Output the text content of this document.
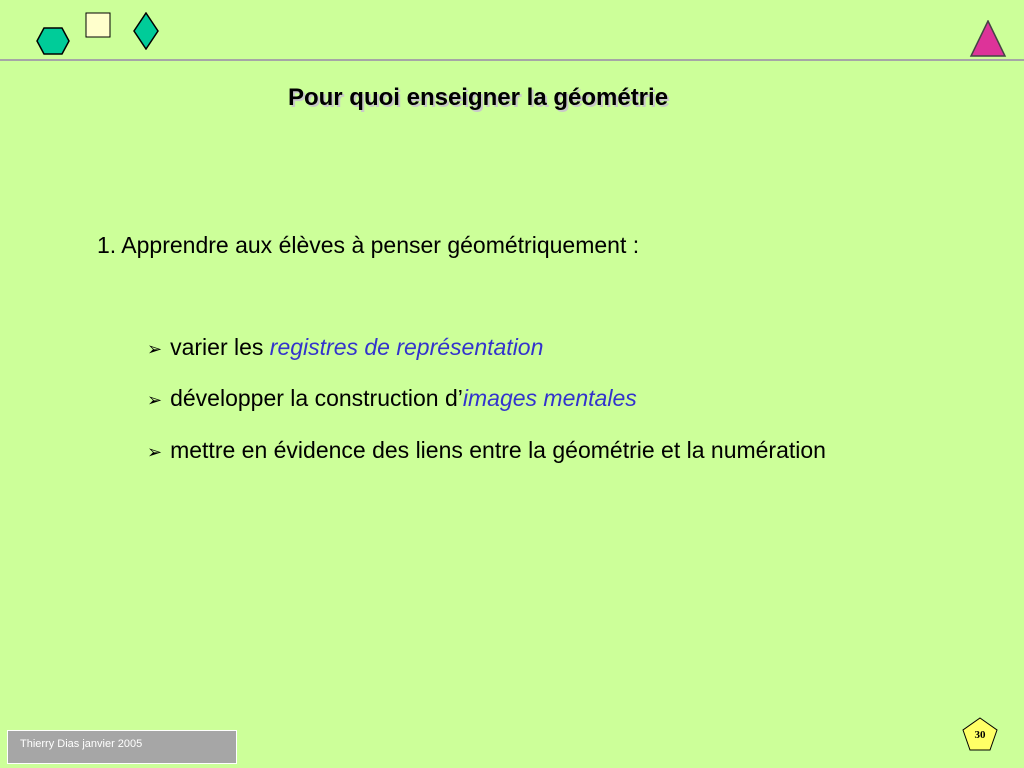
Pour quoi enseigner la géométrie
1. Apprendre aux élèves à penser géométriquement :
➢ varier les registres de représentation
➢ développer la construction d’images mentales
➢ mettre en évidence des liens entre la géométrie et la numération
Thierry Dias janvier 2005
30
